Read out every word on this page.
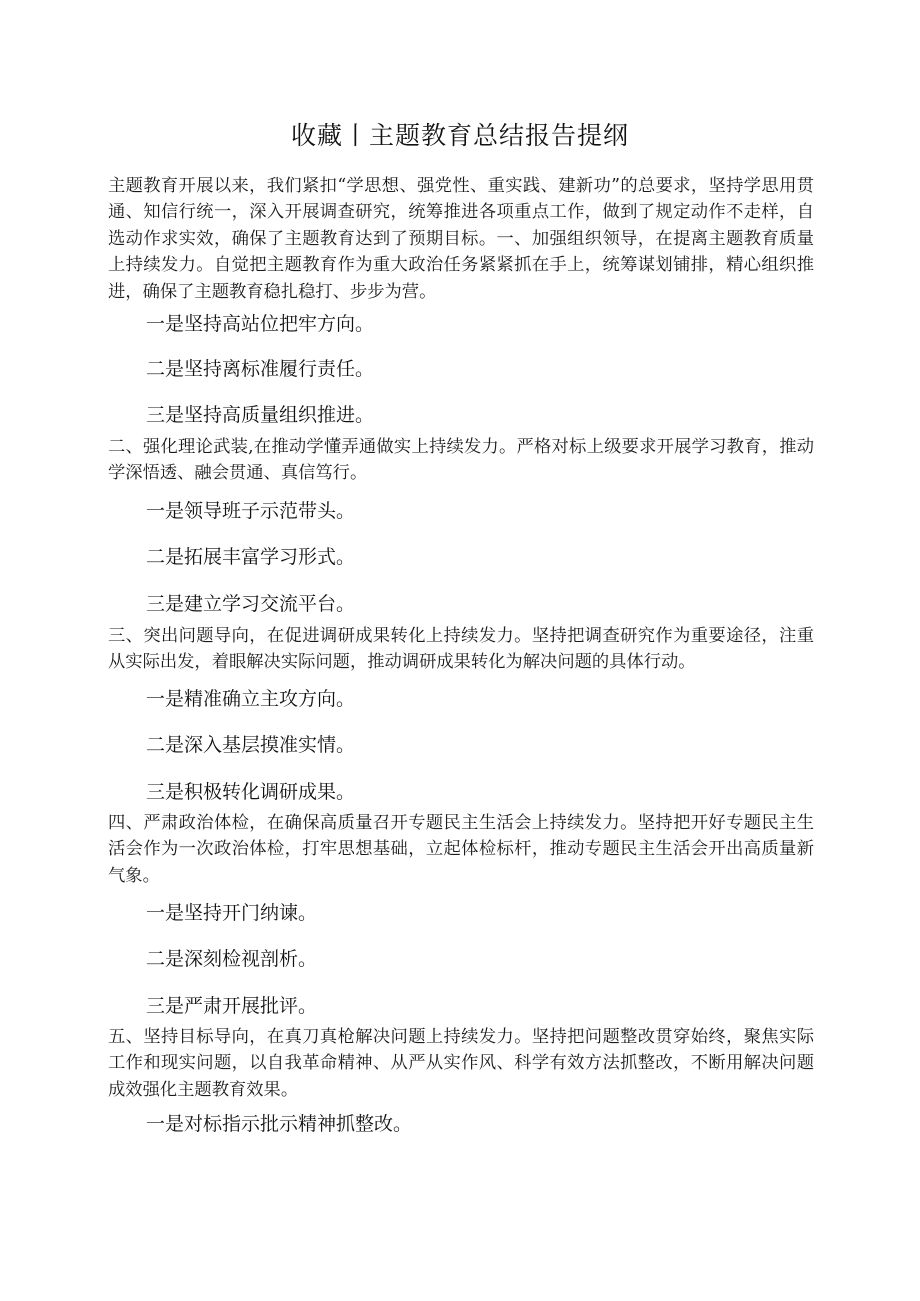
收藏丨主题教育总结报告提纲

主题教育开展以来，我们紧扣“学思想、强党性、重实践、建新功”的总要求，坚持学思用贯通、知信行统一，深入开展调查研究，统筹推进各项重点工作，做到了规定动作不走样，自选动作求实效，确保了主题教育达到了预期目标。一、加强组织领导，在提离主题教育质量上持续发力。自觉把主题教育作为重大政治任务紧紧抓在手上，统筹谋划铺排，精心组织推进，确保了主题教育稳扎稳打、步步为营。

一是坚持高站位把牢方向。

二是坚持离标准履行责任。

三是坚持高质量组织推进。

二、强化理论武装,在推动学懂弄通做实上持续发力。严格对标上级要求开展学习教育，推动学深悟透、融会贯通、真信笃行。

一是领导班子示范带头。

二是拓展丰富学习形式。

三是建立学习交流平台。

三、突出问题导向，在促进调研成果转化上持续发力。坚持把调查研究作为重要途径，注重从实际出发，着眼解决实际问题，推动调研成果转化为解决问题的具体行动。

一是精准确立主攻方向。

二是深入基层摸准实情。

三是积极转化调研成果。

四、严肃政治体检，在确保高质量召开专题民主生活会上持续发力。坚持把开好专题民主生活会作为一次政治体检，打牢思想基础，立起体检标杆，推动专题民主生活会开出高质量新气象。

一是坚持开门纳谏。

二是深刻检视剖析。

三是严肃开展批评。

五、坚持目标导向，在真刀真枪解决问题上持续发力。坚持把问题整改贯穿始终，聚焦实际工作和现实问题，以自我革命精神、从严从实作风、科学有效方法抓整改，不断用解决问题成效强化主题教育效果。

一是对标指示批示精神抓整改。
